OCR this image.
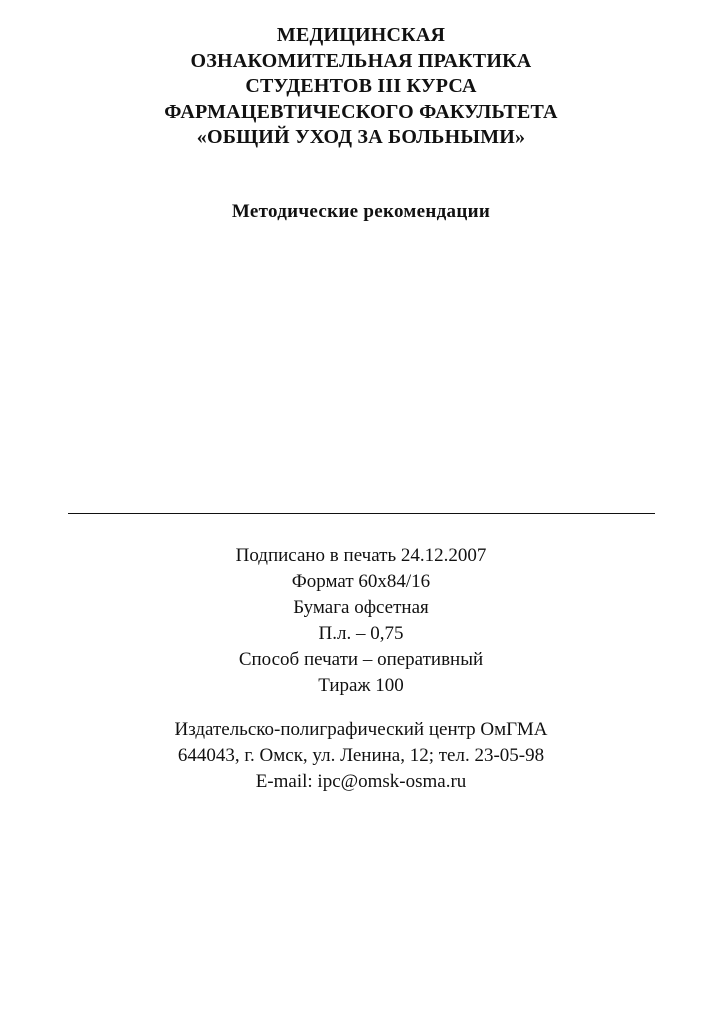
МЕДИЦИНСКАЯ
ОЗНАКОМИТЕЛЬНАЯ ПРАКТИКА
СТУДЕНТОВ III КУРСА
ФАРМАЦЕВТИЧЕСКОГО ФАКУЛЬТЕТА
«ОБЩИЙ УХОД ЗА БОЛЬНЫМИ»
Методические рекомендации
Подписано в печать 24.12.2007
Формат 60х84/16
Бумага офсетная
П.л. – 0,75
Способ печати – оперативный
Тираж 100
Издательско-полиграфический центр ОмГМА
644043, г. Омск, ул. Ленина, 12; тел. 23-05-98
E-mail: ipc@omsk-osma.ru
